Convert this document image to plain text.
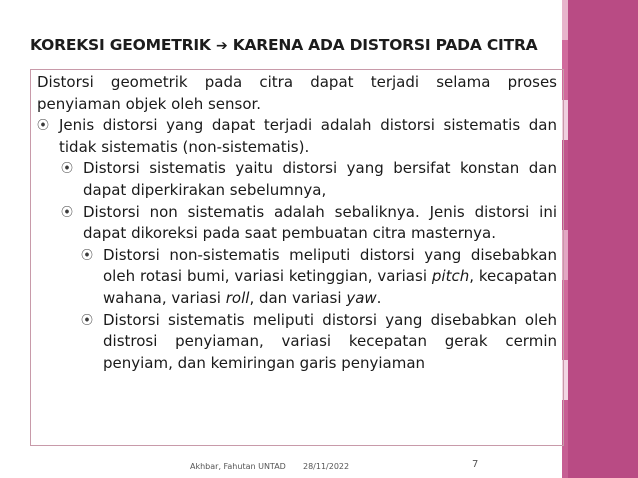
KOREKSI GEOMETRIK ➔ KARENA ADA DISTORSI PADA CITRA
Distorsi geometrik pada citra dapat terjadi selama proses penyiaman objek oleh sensor.
⦿ Jenis distorsi yang dapat terjadi adalah distorsi sistematis dan tidak sistematis (non-sistematis).
⦿ Distorsi sistematis yaitu distorsi yang bersifat konstan dan dapat diperkirakan sebelumnya,
⦿ Distorsi non sistematis adalah sebaliknya. Jenis distorsi ini dapat dikoreksi pada saat pembuatan citra masternya.
⦿ Distorsi non-sistematis meliputi distorsi yang disebabkan oleh rotasi bumi, variasi ketinggian, variasi pitch, kecapatan wahana, variasi roll, dan variasi yaw.
⦿ Distorsi sistematis meliputi distorsi yang disebabkan oleh distrosi penyiaman, variasi kecepatan gerak cermin penyiam, dan kemiringan garis penyiaman
Akhbar, Fahutan UNTAD 28/11/2022	7
